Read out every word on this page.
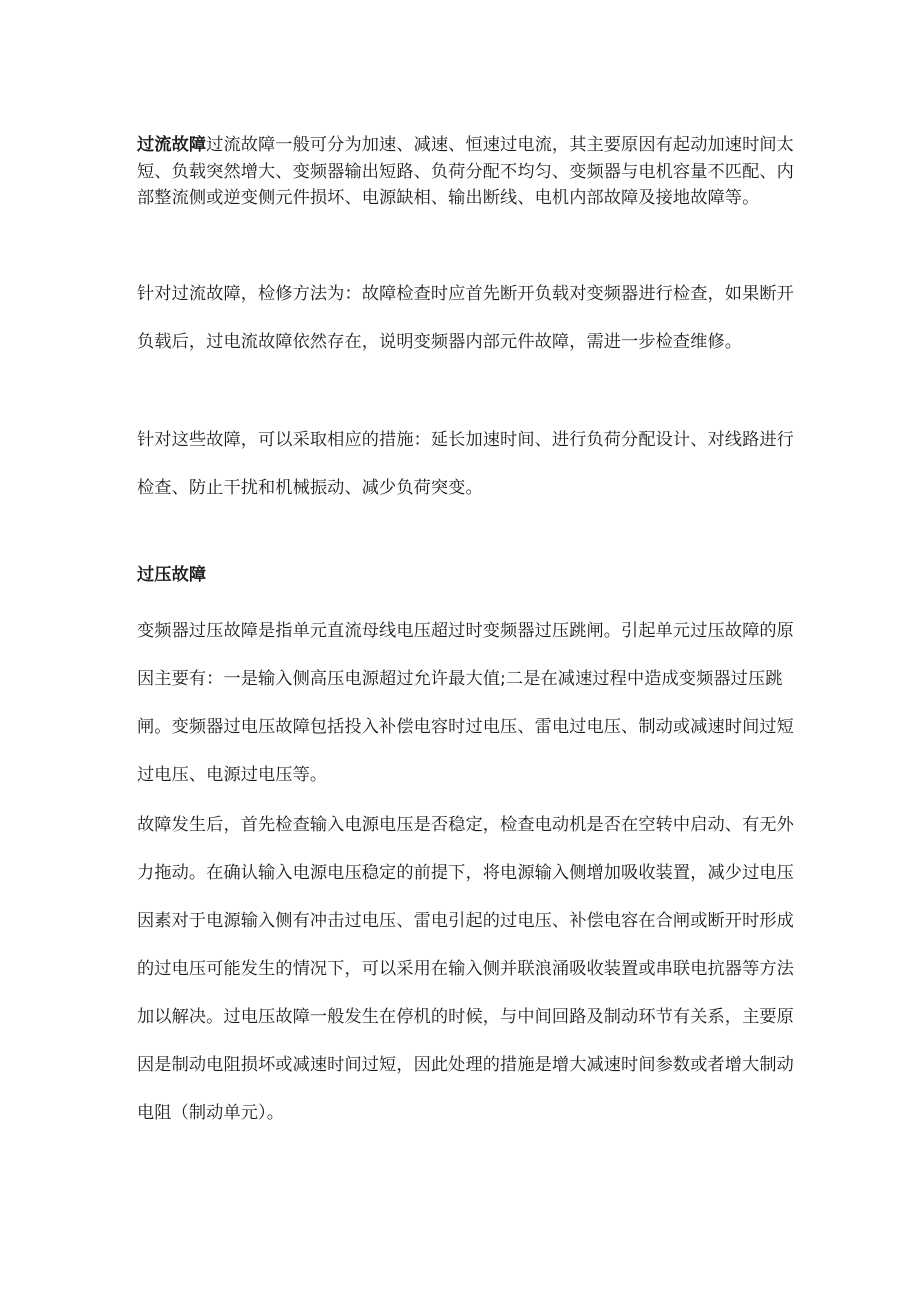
过流故障过流故障一般可分为加速、减速、恒速过电流，其主要原因有起动加速时间太短、负载突然增大、变频器输出短路、负荷分配不均匀、变频器与电机容量不匹配、内部整流侧或逆变侧元件损坏、电源缺相、输出断线、电机内部故障及接地故障等。

针对过流故障，检修方法为：故障检查时应首先断开负载对变频器进行检查，如果断开负载后，过电流故障依然存在，说明变频器内部元件故障，需进一步检查维修。

针对这些故障，可以采取相应的措施：延长加速时间、进行负荷分配设计、对线路进行检查、防止干扰和机械振动、减少负荷突变。

过压故障

变频器过压故障是指单元直流母线电压超过时变频器过压跳闸。引起单元过压故障的原因主要有：一是输入侧高压电源超过允许最大值;二是在减速过程中造成变频器过压跳闸。变频器过电压故障包括投入补偿电容时过电压、雷电过电压、制动或减速时间过短过电压、电源过电压等。

故障发生后，首先检查输入电源电压是否稳定，检查电动机是否在空转中启动、有无外力拖动。在确认输入电源电压稳定的前提下，将电源输入侧增加吸收装置，减少过电压因素对于电源输入侧有冲击过电压、雷电引起的过电压、补偿电容在合闸或断开时形成的过电压可能发生的情况下，可以采用在输入侧并联浪涌吸收装置或串联电抗器等方法加以解决。过电压故障一般发生在停机的时候，与中间回路及制动环节有关系，主要原因是制动电阻损坏或减速时间过短，因此处理的措施是增大减速时间参数或者增大制动电阻（制动单元）。
